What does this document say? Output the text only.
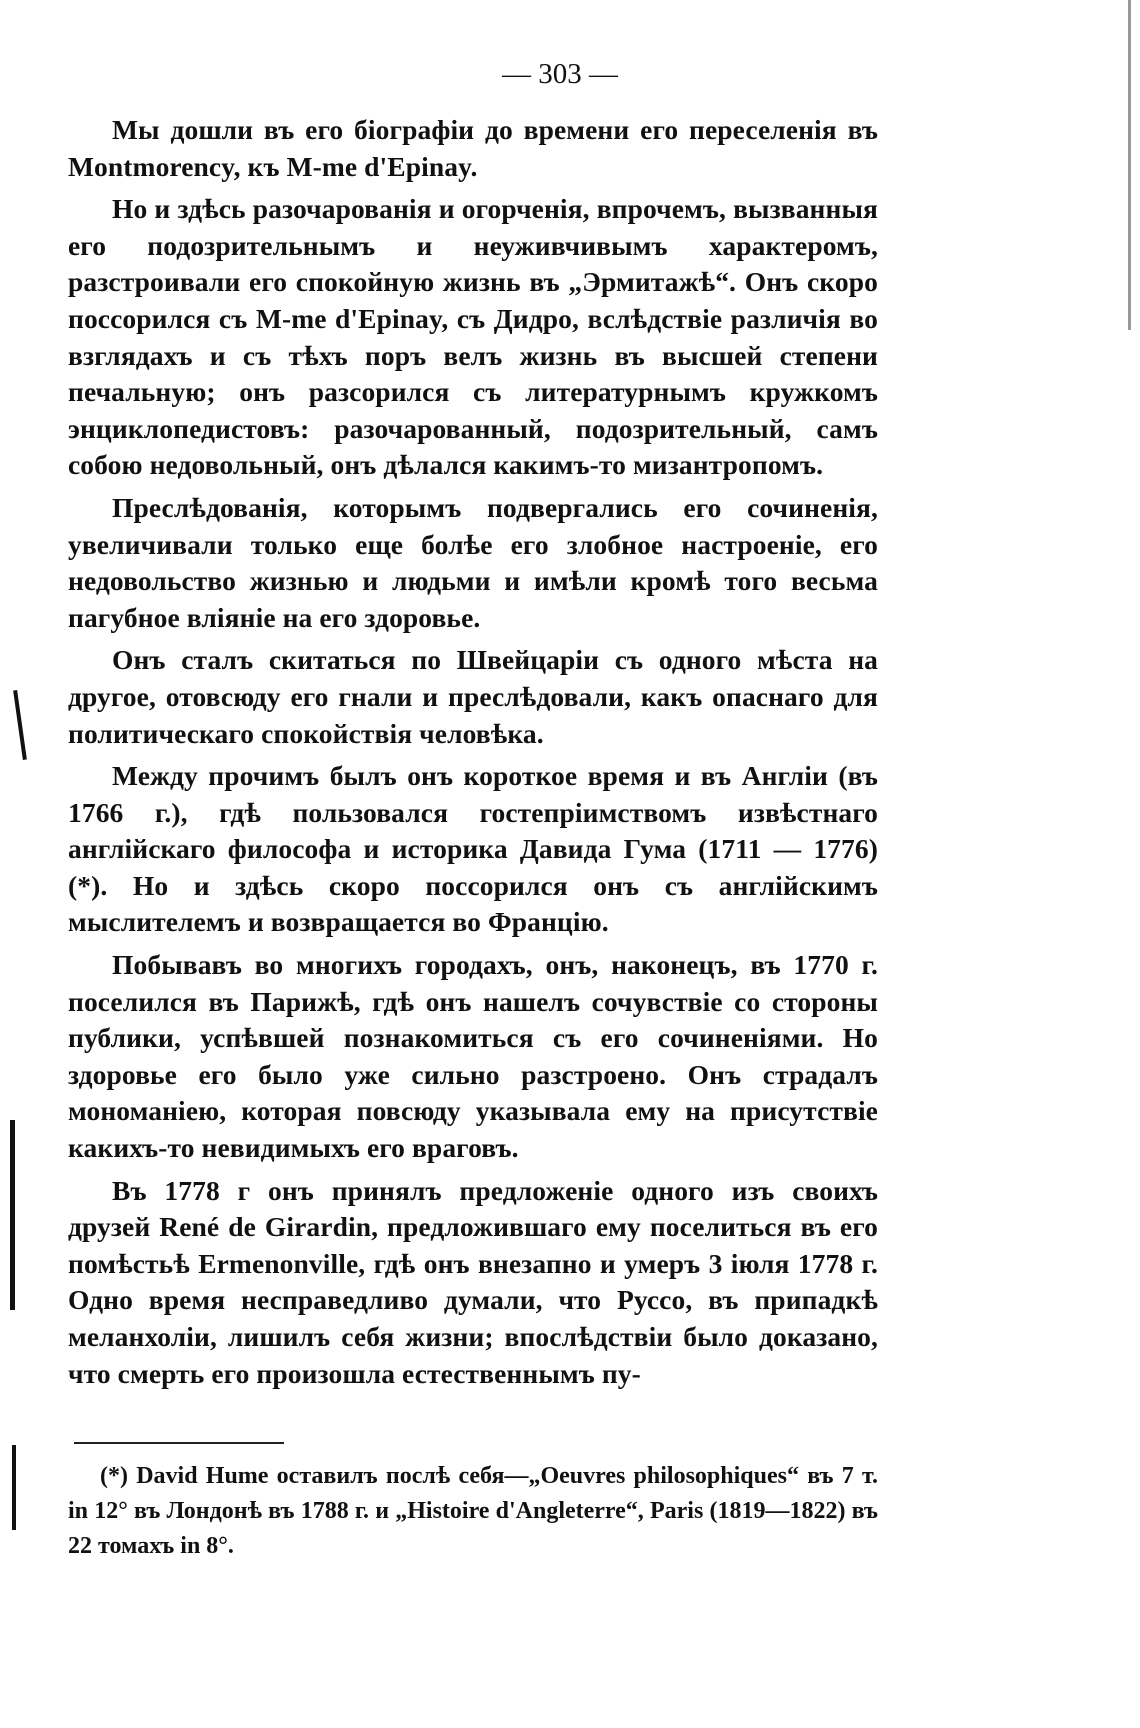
— 303 —

Мы дошли въ его біографіи до времени его переселенія въ Montmorency, къ M-me d'Epinay.

Но и здѣсь разочарованія и огорченія, впрочемъ, вызванныя его подозрительнымъ и неуживчивымъ характеромъ, разстроивали его спокойную жизнь въ „Эрмитажѣ“. Онъ скоро поссорился съ M-me d'Epinay, съ Дидро, вслѣдствіе различія во взглядахъ и съ тѣхъ поръ велъ жизнь въ высшей степени печальную; онъ разсорился съ литературнымъ кружкомъ энциклопедистовъ: разочарованный, подозрительный, самъ собою недовольный, онъ дѣлался какимъ-то мизантропомъ.

Преслѣдованія, которымъ подвергались его сочиненія, увеличивали только еще болѣе его злобное настроеніе, его недовольство жизнью и людьми и имѣли кромѣ того весьма пагубное вліяніе на его здоровье.

Онъ сталъ скитаться по Швейцаріи съ одного мѣста на другое, отовсюду его гнали и преслѣдовали, какъ опаснаго для политическаго спокойствія человѣка.

Между прочимъ былъ онъ короткое время и въ Англіи (въ 1766 г.), гдѣ пользовался гостепріимствомъ извѣстнаго англійскаго философа и историка Давида Гума (1711 — 1776) (*). Но и здѣсь скоро поссорился онъ съ англійскимъ мыслителемъ и возвращается во Францію.

Побывавъ во многихъ городахъ, онъ, наконецъ, въ 1770 г. поселился въ Парижѣ, гдѣ онъ нашелъ сочувствіе со стороны публики, успѣвшей познакомиться съ его сочиненіями. Но здоровье его было уже сильно разстроено. Онъ страдалъ мономаніею, которая повсюду указывала ему на присутствіе какихъ-то невидимыхъ его враговъ.

Въ 1778 г онъ принялъ предложеніе одного изъ своихъ друзей René de Girardin, предложившаго ему поселиться въ его помѣстьѣ Ermenonville, гдѣ онъ внезапно и умеръ 3 іюля 1778 г. Одно время несправедливо думали, что Руссо, въ припадкѣ меланхоліи, лишилъ себя жизни; впослѣдствіи было доказано, что смерть его произошла естественнымъ пу-

(*) David Hume оставилъ послѣ себя—„Oeuvres philosophiques“ въ 7 т. in 12° въ Лондонѣ въ 1788 г. и „Histoire d'Angleterre“, Paris (1819—1822) въ 22 томахъ in 8°.
